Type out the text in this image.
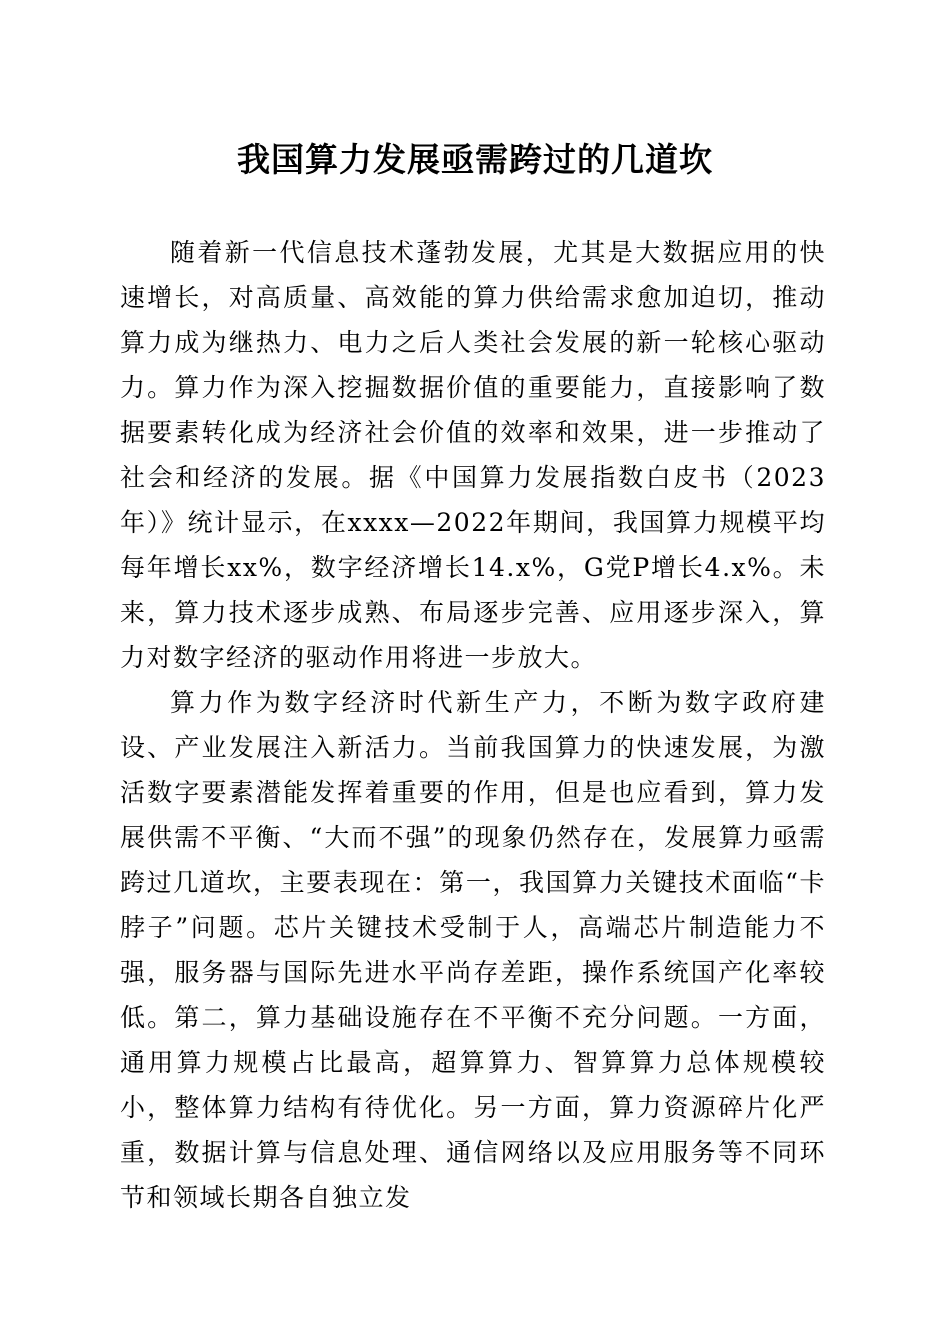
我国算力发展亟需跨过的几道坎

随着新一代信息技术蓬勃发展，尤其是大数据应用的快速增长，对高质量、高效能的算力供给需求愈加迫切，推动算力成为继热力、电力之后人类社会发展的新一轮核心驱动力。算力作为深入挖掘数据价值的重要能力，直接影响了数据要素转化成为经济社会价值的效率和效果，进一步推动了社会和经济的发展。据《中国算力发展指数白皮书（2023年）》统计显示，在xxxx—2022年期间，我国算力规模平均每年增长xx%，数字经济增长14.x%，G党P增长4.x%。未来，算力技术逐步成熟、布局逐步完善、应用逐步深入，算力对数字经济的驱动作用将进一步放大。

算力作为数字经济时代新生产力，不断为数字政府建设、产业发展注入新活力。当前我国算力的快速发展，为激活数字要素潜能发挥着重要的作用，但是也应看到，算力发展供需不平衡、“大而不强”的现象仍然存在，发展算力亟需跨过几道坎，主要表现在：第一，我国算力关键技术面临“卡脖子”问题。芯片关键技术受制于人，高端芯片制造能力不强，服务器与国际先进水平尚存差距，操作系统国产化率较低。第二，算力基础设施存在不平衡不充分问题。一方面，通用算力规模占比最高，超算算力、智算算力总体规模较小，整体算力结构有待优化。另一方面，算力资源碎片化严重，数据计算与信息处理、通信网络以及应用服务等不同环节和领域长期各自独立发
